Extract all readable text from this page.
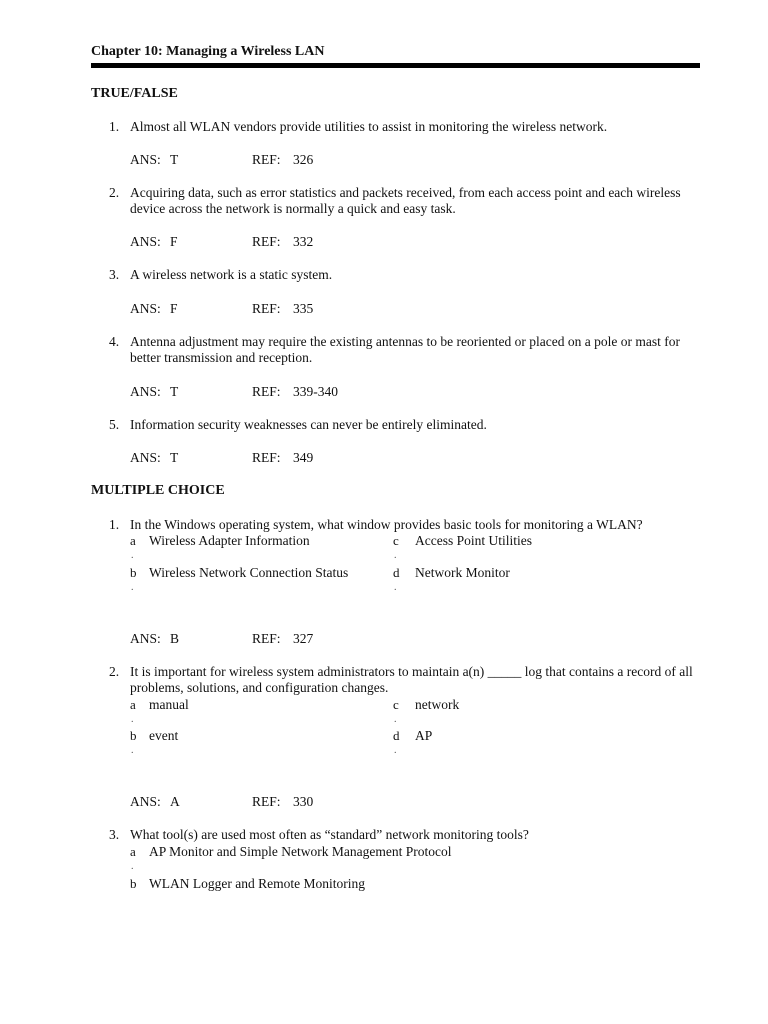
Chapter 10: Managing a Wireless LAN
TRUE/FALSE
1. Almost all WLAN vendors provide utilities to assist in monitoring the wireless network.
ANS: T	REF: 326
2. Acquiring data, such as error statistics and packets received, from each access point and each wireless device across the network is normally a quick and easy task.
ANS: F	REF: 332
3. A wireless network is a static system.
ANS: F	REF: 335
4. Antenna adjustment may require the existing antennas to be reoriented or placed on a pole or mast for better transmission and reception.
ANS: T	REF: 339-340
5. Information security weaknesses can never be entirely eliminated.
ANS: T	REF: 349
MULTIPLE CHOICE
1. In the Windows operating system, what window provides basic tools for monitoring a WLAN?
a
.
Wireless Adapter Information
b
.
Wireless Network Connection Status
c
.
Access Point Utilities
d
.
Network Monitor
ANS: B	REF: 327
2. It is important for wireless system administrators to maintain a(n) _____ log that contains a record of all problems, solutions, and configuration changes.
a
.
manual
b
.
event
c
.
network
d
.
AP
ANS: A	REF: 330
3. What tool(s) are used most often as “standard” network monitoring tools?
a
.
AP Monitor and Simple Network Management Protocol
b WLAN Logger and Remote Monitoring
